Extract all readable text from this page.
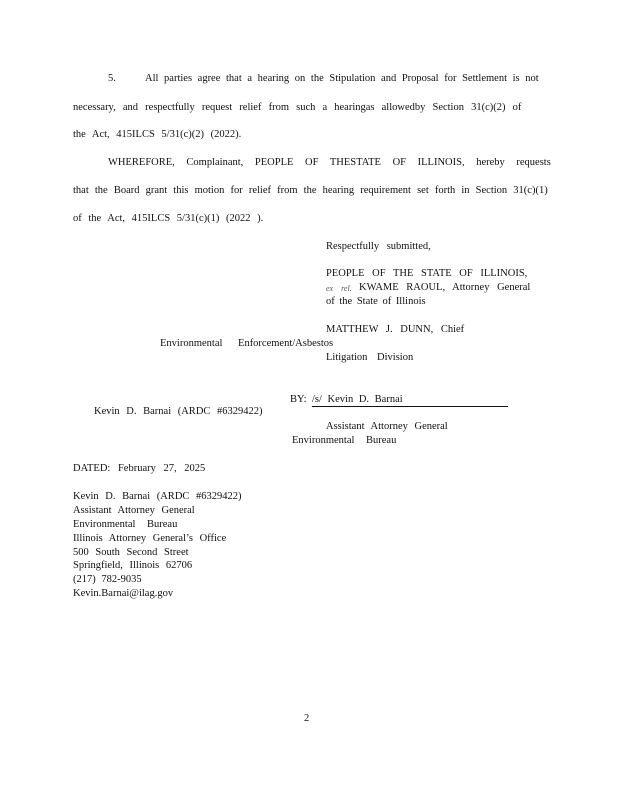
5.	All parties agree that a hearing on the Stipulation and Proposal for Settlement is not
necessary, and respectfully request relief from such a hearingas allowedby Section 31(c)(2) of
the Act, 415ILCS 5/31(c)(2) (2022).
WHEREFORE, Complainant, PEOPLE OF THESTATE OF ILLINOIS, hereby requests
that the Board grant this motion for relief from the hearing requirement set forth in Section 31(c)(1)
of the Act, 415ILCS 5/31(c)(1) (2022 ).
Respectfully submitted,
PEOPLE OF THE STATE OF ILLINOIS,
ex rel. KWAME RAOUL, Attorney General
of the State of Illinois
MATTHEW J. DUNN, Chief
Environmental Enforcement/Asbestos
Litigation Division
BY: /s/ Kevin D. Barnai
Kevin D. Barnai (ARDC #6329422)
Assistant Attorney General
Environmental Bureau
DATED: February 27, 2025
Kevin D. Barnai (ARDC #6329422)
Assistant Attorney General
Environmental Bureau
Illinois Attorney General’s Office
500 South Second Street
Springfield, Illinois 62706
(217) 782-9035
Kevin.Barnai@ilag.gov
2
